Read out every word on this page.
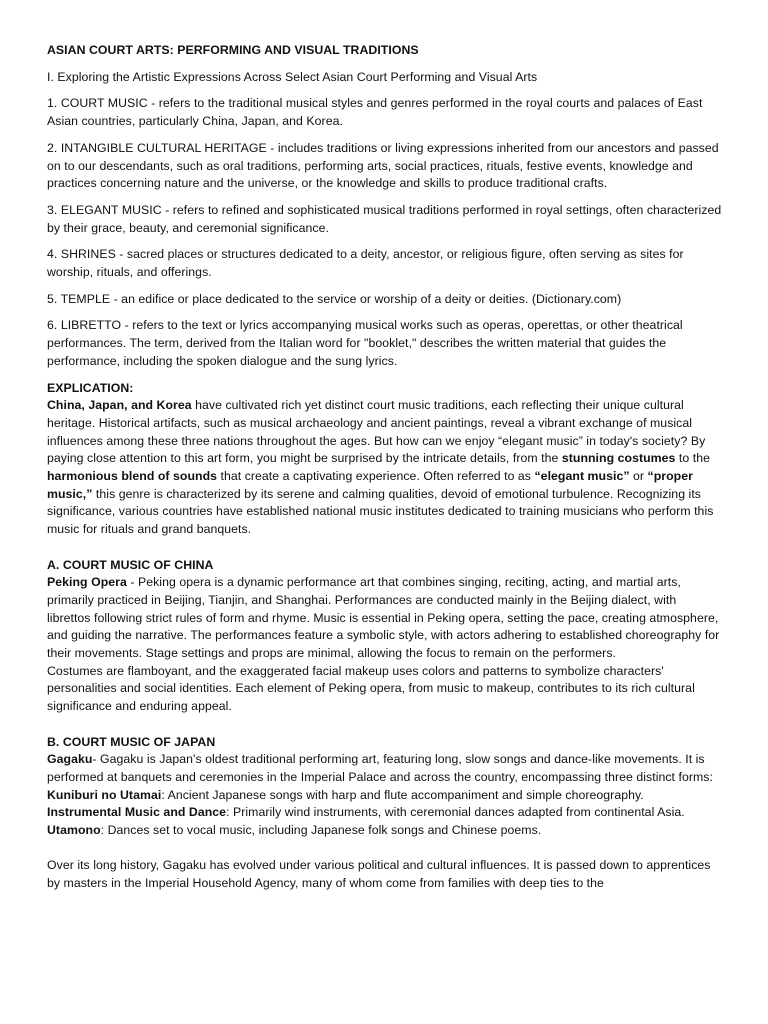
ASIAN COURT ARTS: PERFORMING AND VISUAL TRADITIONS

I. Exploring the Artistic Expressions Across Select Asian Court Performing and Visual Arts

1. COURT MUSIC - refers to the traditional musical styles and genres performed in the royal courts and palaces of East Asian countries, particularly China, Japan, and Korea.

2. INTANGIBLE CULTURAL HERITAGE - includes traditions or living expressions inherited from our ancestors and passed on to our descendants, such as oral traditions, performing arts, social practices, rituals, festive events, knowledge and practices concerning nature and the universe, or the knowledge and skills to produce traditional crafts.

3. ELEGANT MUSIC - refers to refined and sophisticated musical traditions performed in royal settings, often characterized by their grace, beauty, and ceremonial significance.

4. SHRINES - sacred places or structures dedicated to a deity, ancestor, or religious figure, often serving as sites for worship, rituals, and offerings.

5. TEMPLE - an edifice or place dedicated to the service or worship of a deity or deities. (Dictionary.com)

6. LIBRETTO - refers to the text or lyrics accompanying musical works such as operas, operettas, or other theatrical performances. The term, derived from the Italian word for "booklet," describes the written material that guides the performance, including the spoken dialogue and the sung lyrics.

EXPLICATION:

China, Japan, and Korea have cultivated rich yet distinct court music traditions, each reflecting their unique cultural heritage. Historical artifacts, such as musical archaeology and ancient paintings, reveal a vibrant exchange of musical influences among these three nations throughout the ages. But how can we enjoy “elegant music” in today's society? By paying close attention to this art form, you might be surprised by the intricate details, from the stunning costumes to the harmonious blend of sounds that create a captivating experience. Often referred to as “elegant music” or “proper music,” this genre is characterized by its serene and calming qualities, devoid of emotional turbulence. Recognizing its significance, various countries have established national music institutes dedicated to training musicians who perform this music for rituals and grand banquets.

A. COURT MUSIC OF CHINA

Peking Opera - Peking opera is a dynamic performance art that combines singing, reciting, acting, and martial arts, primarily practiced in Beijing, Tianjin, and Shanghai. Performances are conducted mainly in the Beijing dialect, with librettos following strict rules of form and rhyme. Music is essential in Peking opera, setting the pace, creating atmosphere, and guiding the narrative. The performances feature a symbolic style, with actors adhering to established choreography for their movements. Stage settings and props are minimal, allowing the focus to remain on the performers.

Costumes are flamboyant, and the exaggerated facial makeup uses colors and patterns to symbolize characters' personalities and social identities. Each element of Peking opera, from music to makeup, contributes to its rich cultural significance and enduring appeal.

B. COURT MUSIC OF JAPAN

Gagaku- Gagaku is Japan's oldest traditional performing art, featuring long, slow songs and dance-like movements. It is performed at banquets and ceremonies in the Imperial Palace and across the country, encompassing three distinct forms:

Kuniburi no Utamai: Ancient Japanese songs with harp and flute accompaniment and simple choreography.

Instrumental Music and Dance: Primarily wind instruments, with ceremonial dances adapted from continental Asia.

Utamono: Dances set to vocal music, including Japanese folk songs and Chinese poems.

Over its long history, Gagaku has evolved under various political and cultural influences. It is passed down to apprentices by masters in the Imperial Household Agency, many of whom come from families with deep ties to the
